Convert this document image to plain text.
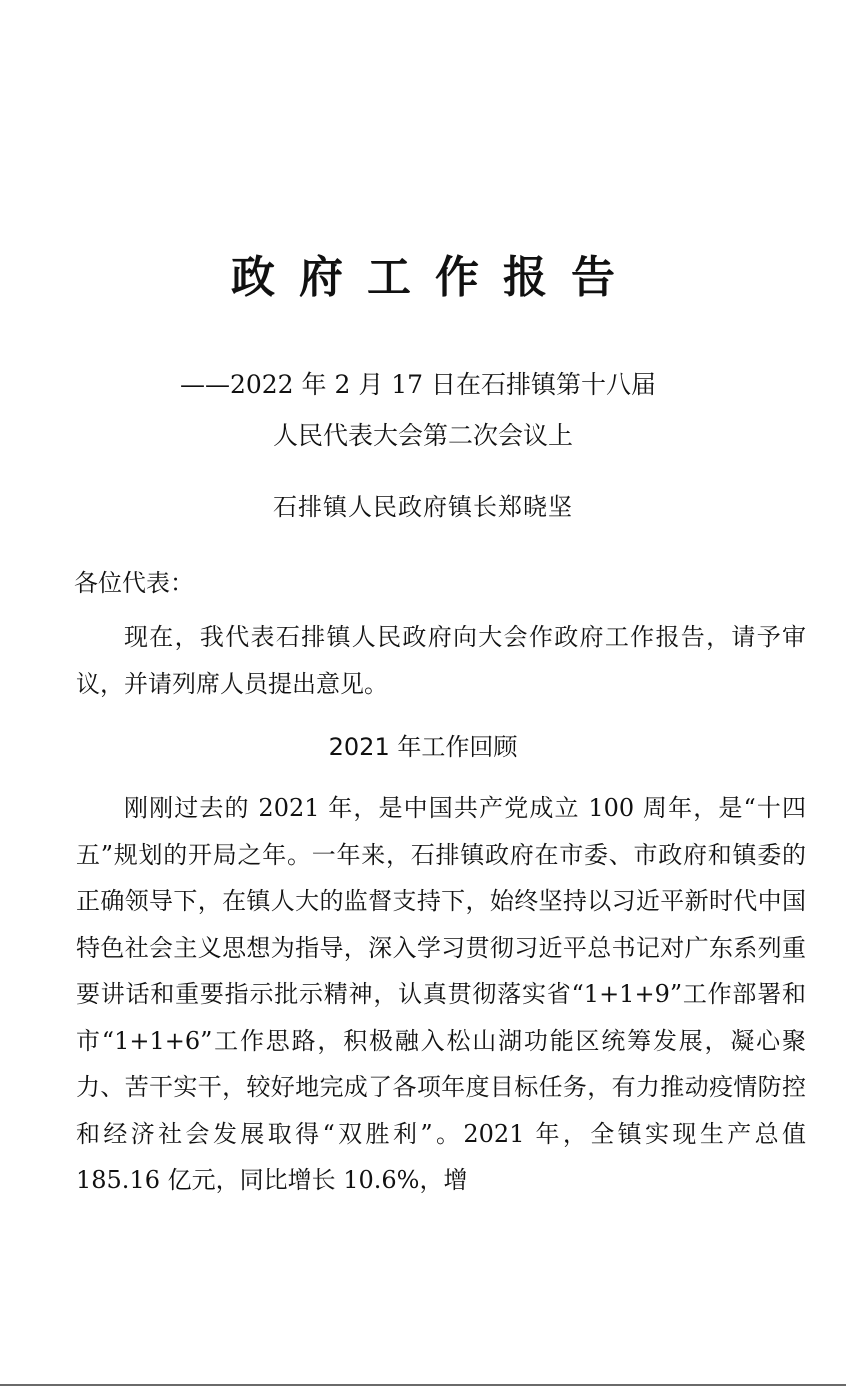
政府工作报告
——2022 年 2 月 17 日在石排镇第十八届
人民代表大会第二次会议上
石排镇人民政府镇长郑晓坚
各位代表：

现在，我代表石排镇人民政府向大会作政府工作报告，请予审议，并请列席人员提出意见。

2021 年工作回顾

刚刚过去的 2021 年，是中国共产党成立 100 周年，是“十四五”规划的开局之年。一年来，石排镇政府在市委、市政府和镇委的正确领导下，在镇人大的监督支持下，始终坚持以习近平新时代中国特色社会主义思想为指导，深入学习贯彻习近平总书记对广东系列重要讲话和重要指示批示精神，认真贯彻落实省“1+1+9”工作部署和市“1+1+6”工作思路，积极融入松山湖功能区统筹发展，凝心聚力、苦干实干，较好地完成了各项年度目标任务，有力推动疫情防控和经济社会发展取得“双胜利”。2021 年，全镇实现生产总值 185.16 亿元，同比增长 10.6%，增
